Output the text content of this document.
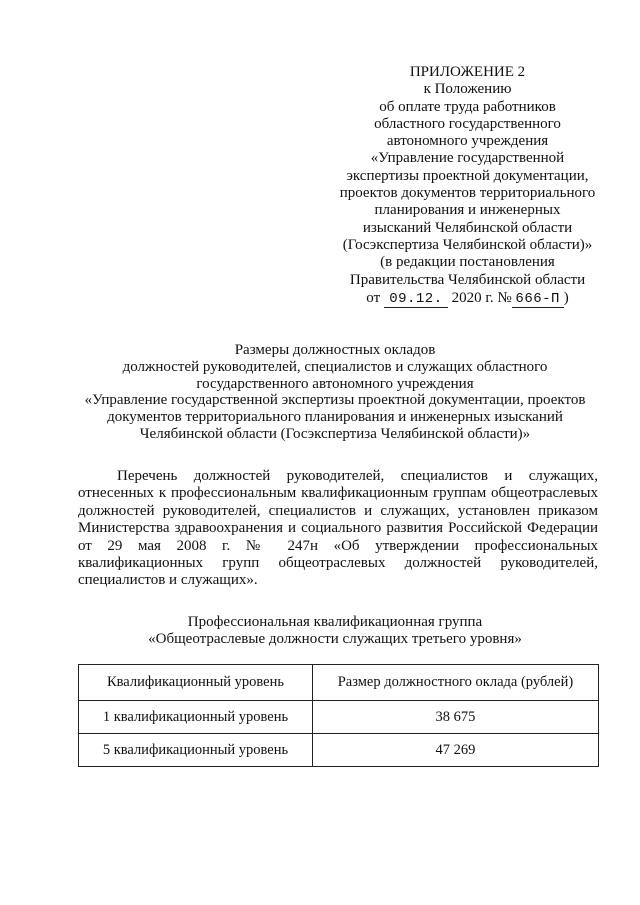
ПРИЛОЖЕНИЕ 2
к Положению
об оплате труда работников
областного государственного
автономного учреждения
«Управление государственной
экспертизы проектной документации,
проектов документов территориального
планирования и инженерных
изысканий Челябинской области
(Госэкспертиза Челябинской области)»
(в редакции постановления
Правительства Челябинской области
от 09.12. 2020 г. № 666-П )
Размеры должностных окладов
должностей руководителей, специалистов и служащих областного
государственного автономного учреждения
«Управление государственной экспертизы проектной документации, проектов
документов территориального планирования и инженерных изысканий
Челябинской области (Госэкспертиза Челябинской области)»
Перечень должностей руководителей, специалистов и служащих,
отнесенных к профессиональным квалификационным группам общеотраслевых
должностей руководителей, специалистов и служащих, установлен приказом
Министерства здравоохранения и социального развития Российской Федерации
от 29 мая 2008 г. № 247н «Об утверждении профессиональных
квалификационных групп общеотраслевых должностей руководителей,
специалистов и служащих».
Профессиональная квалификационная группа
«Общеотраслевые должности служащих третьего уровня»
Квалификационный уровень	Размер должностного оклада (рублей)
1 квалификационный уровень	38 675
5 квалификационный уровень	47 269
